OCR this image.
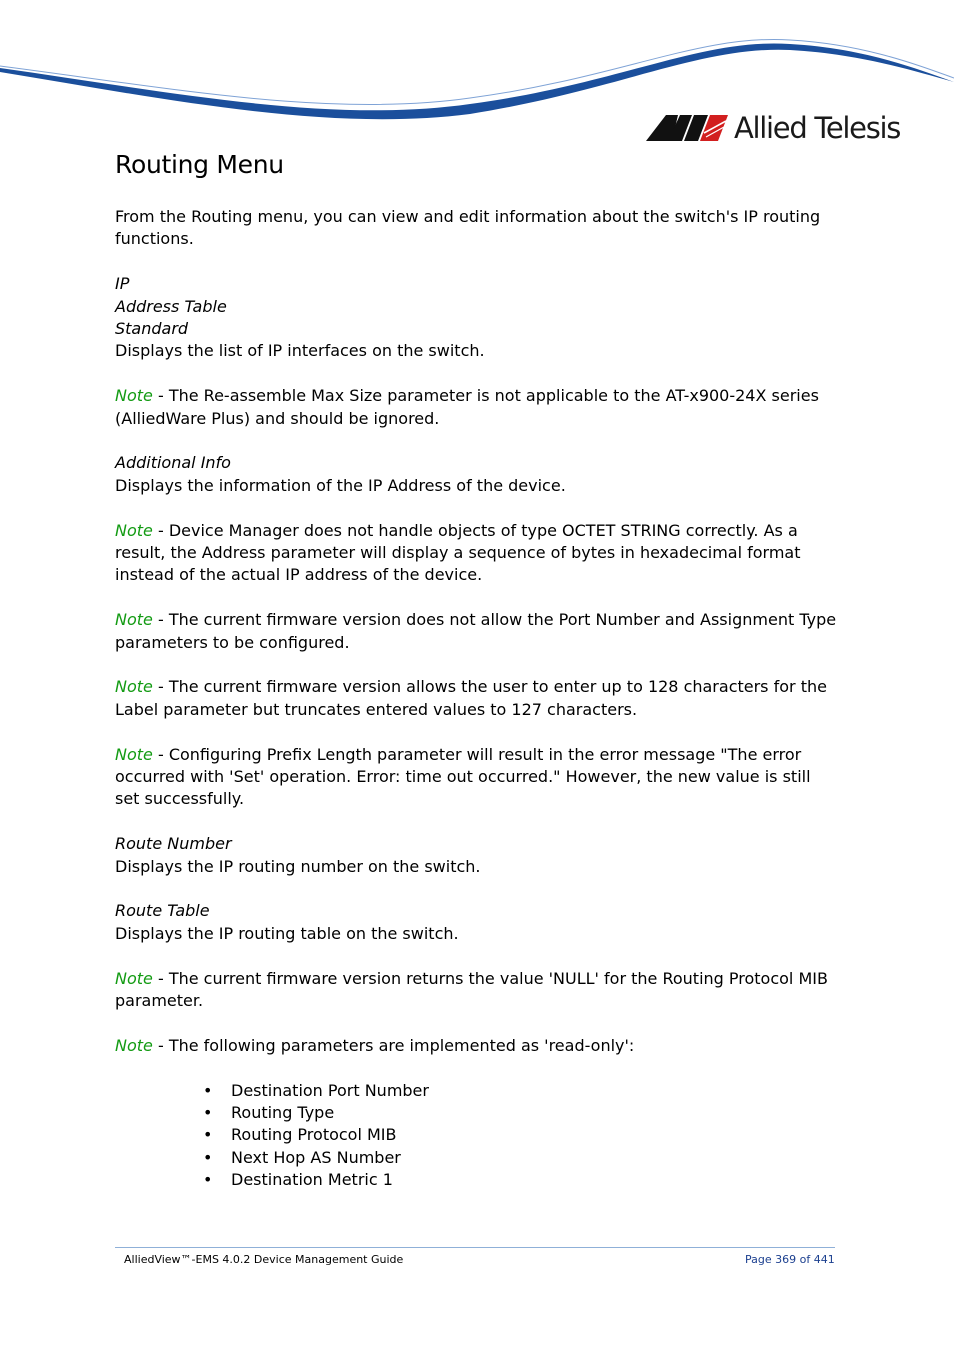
Allied Telesis
Routing Menu

From the Routing menu, you can view and edit information about the switch's IP routing functions.

IP

Address Table

Standard

Displays the list of IP interfaces on the switch.

Note - The Re-assemble Max Size parameter is not applicable to the AT-x900-24X series (AlliedWare Plus) and should be ignored.

Additional Info

Displays the information of the IP Address of the device.

Note - Device Manager does not handle objects of type OCTET STRING correctly. As a result, the Address parameter will display a sequence of bytes in hexadecimal format instead of the actual IP address of the device.

Note - The current firmware version does not allow the Port Number and Assignment Type parameters to be configured.

Note - The current firmware version allows the user to enter up to 128 characters for the Label parameter but truncates entered values to 127 characters.

Note - Configuring Prefix Length parameter will result in the error message "The error occurred with 'Set' operation. Error: time out occurred." However, the new value is still set successfully.

Route Number

Displays the IP routing number on the switch.

Route Table

Displays the IP routing table on the switch.

Note - The current firmware version returns the value 'NULL' for the Routing Protocol MIB parameter.

Note - The following parameters are implemented as 'read-only':

• Destination Port Number
• Routing Type
• Routing Protocol MIB
• Next Hop AS Number
• Destination Metric 1
AlliedView™-EMS 4.0.2 Device Management Guide	Page 369 of 441
